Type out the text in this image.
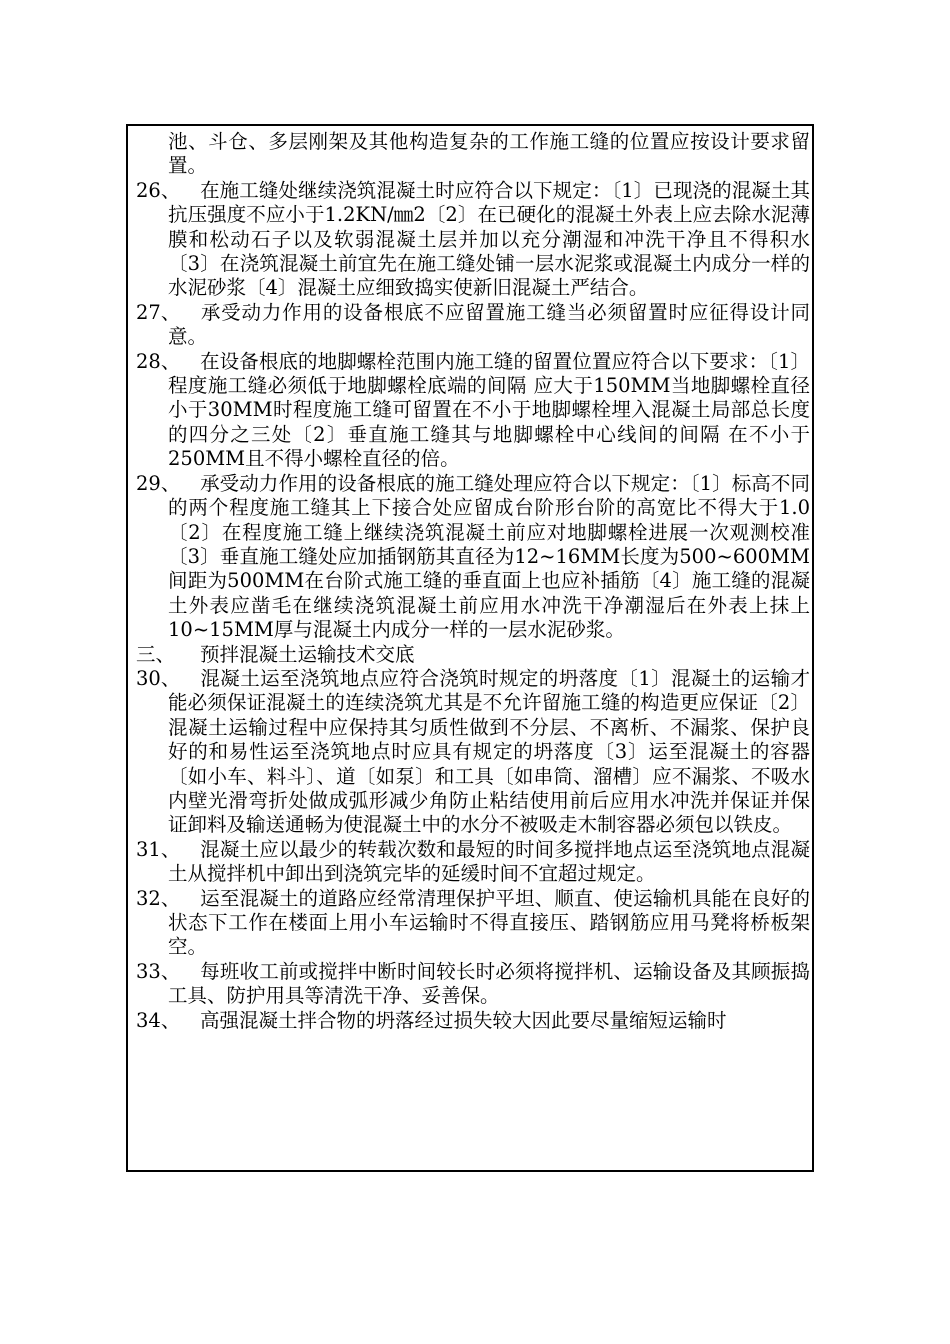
池、斗仓、多层刚架及其他构造复杂的工作施工缝的位置应按设计要求留置。
26、	在施工缝处继续浇筑混凝土时应符合以下规定：〔1〕已现浇的混凝土其抗压强度不应小于1.2KN/㎜2〔2〕在已硬化的混凝土外表上应去除水泥薄膜和松动石子以及软弱混凝土层并加以充分潮湿和冲洗干净且不得积水〔3〕在浇筑混凝土前宜先在施工缝处铺一层水泥浆或混凝土内成分一样的水泥砂浆〔4〕混凝土应细致捣实使新旧混凝土严结合。
27、	承受动力作用的设备根底不应留置施工缝当必须留置时应征得设计同意。
28、	在设备根底的地脚螺栓范围内施工缝的留置位置应符合以下要求：〔1〕程度施工缝必须低于地脚螺栓底端的间隔 应大于150MM当地脚螺栓直径小于30MM时程度施工缝可留置在不小于地脚螺栓埋入混凝土局部总长度的四分之三处〔2〕垂直施工缝其与地脚螺栓中心线间的间隔 在不小于250MM且不得小螺栓直径的倍。
29、	承受动力作用的设备根底的施工缝处理应符合以下规定：〔1〕标高不同的两个程度施工缝其上下接合处应留成台阶形台阶的高宽比不得大于1.0〔2〕在程度施工缝上继续浇筑混凝土前应对地脚螺栓进展一次观测校准〔3〕垂直施工缝处应加插钢筋其直径为12~16MM长度为500~600MM间距为500MM在台阶式施工缝的垂直面上也应补插筋〔4〕施工缝的混凝土外表应凿毛在继续浇筑混凝土前应用水冲洗干净潮湿后在外表上抹上10~15MM厚与混凝土内成分一样的一层水泥砂浆。
三、	预拌混凝土运输技术交底
30、	混凝土运至浇筑地点应符合浇筑时规定的坍落度〔1〕混凝土的运输才能必须保证混凝土的连续浇筑尤其是不允许留施工缝的构造更应保证〔2〕混凝土运输过程中应保持其匀质性做到不分层、不离析、不漏浆、保护良好的和易性运至浇筑地点时应具有规定的坍落度〔3〕运至混凝土的容器〔如小车、料斗〕、道〔如泵〕和工具〔如串筒、溜槽〕应不漏浆、不吸水内壁光滑弯折处做成弧形减少角防止粘结使用前后应用水冲洗并保证并保证卸料及输送通畅为使混凝土中的水分不被吸走木制容器必须包以铁皮。
31、	混凝土应以最少的转载次数和最短的时间多搅拌地点运至浇筑地点混凝土从搅拌机中卸出到浇筑完毕的延缓时间不宜超过规定。
32、	运至混凝土的道路应经常清理保护平坦、顺直、使运输机具能在良好的状态下工作在楼面上用小车运输时不得直接压、踏钢筋应用马凳将桥板架空。
33、	每班收工前或搅拌中断时间较长时必须将搅拌机、运输设备及其顾振捣工具、防护用具等清洗干净、妥善保。
34、	高强混凝土拌合物的坍落经过损失较大因此要尽量缩短运输时
